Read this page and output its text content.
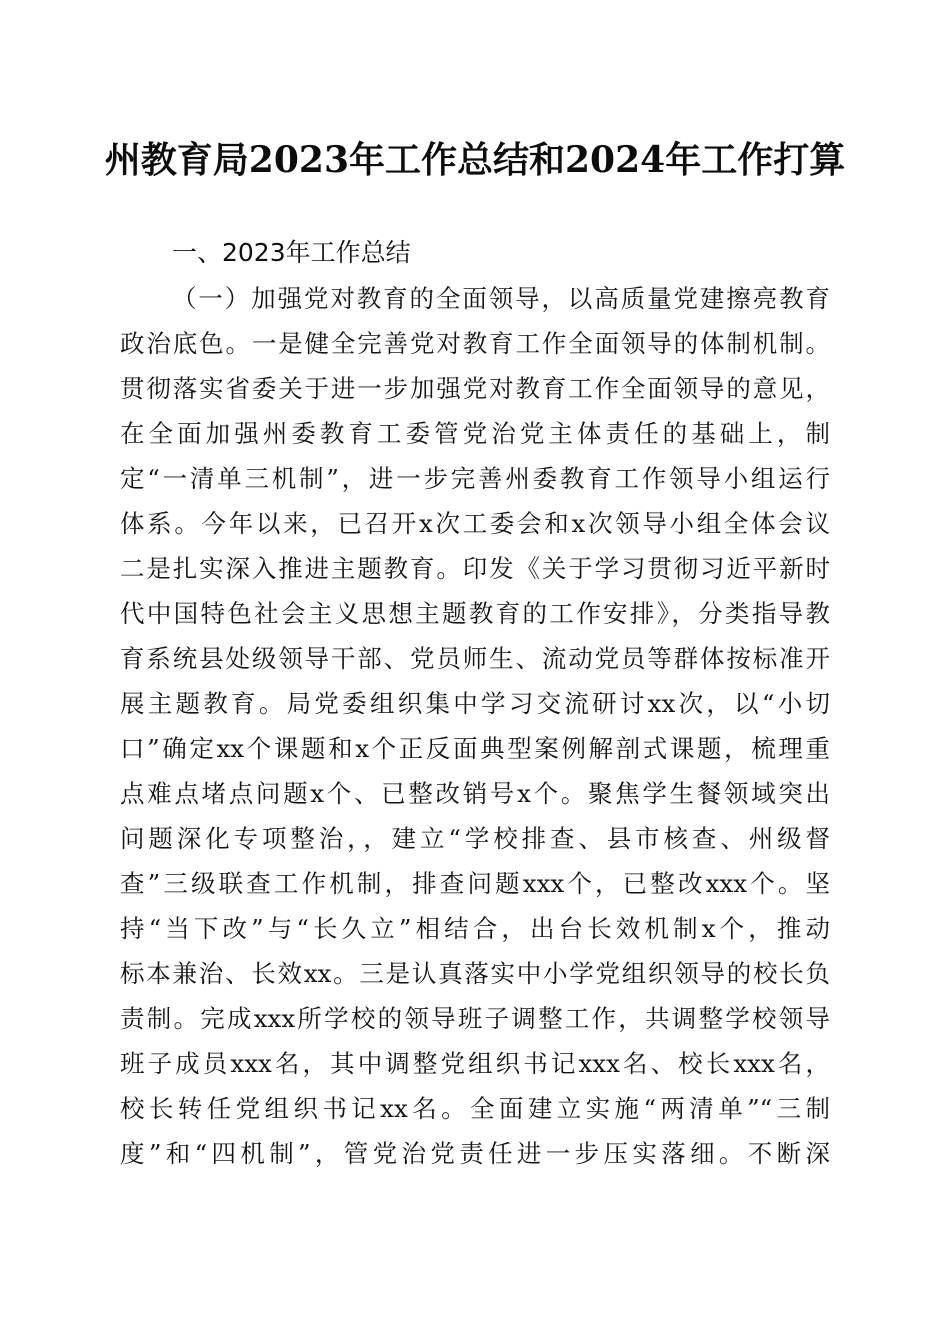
州教育局2023年工作总结和2024年工作打算
一、2023年工作总结
（一）加强党对教育的全面领导，以高质量党建擦亮教育
政治底色。一是健全完善党对教育工作全面领导的体制机制。
贯彻落实省委关于进一步加强党对教育工作全面领导的意见，
在全面加强州委教育工委管党治党主体责任的基础上，制
定“一清单三机制”，进一步完善州委教育工作领导小组运行
体系。今年以来，已召开x次工委会和x次领导小组全体会议
二是扎实深入推进主题教育。印发《关于学习贯彻习近平新时
代中国特色社会主义思想主题教育的工作安排》，分类指导教
育系统县处级领导干部、党员师生、流动党员等群体按标准开
展主题教育。局党委组织集中学习交流研讨xx次，以“小切
口”确定xx个课题和x个正反面典型案例解剖式课题，梳理重
点难点堵点问题x个、已整改销号x个。聚焦学生餐领域突出
问题深化专项整治，，建立“学校排查、县市核查、州级督
查”三级联查工作机制，排查问题xxx个，已整改xxx个。坚
持“当下改”与“长久立”相结合，出台长效机制x个，推动
标本兼治、长效xx。三是认真落实中小学党组织领导的校长负
责制。完成xxx所学校的领导班子调整工作，共调整学校领导
班子成员xxx名，其中调整党组织书记xxx名、校长xxx名，
校长转任党组织书记xx名。全面建立实施“两清单”“三制
度”和“四机制”，管党治党责任进一步压实落细。不断深
